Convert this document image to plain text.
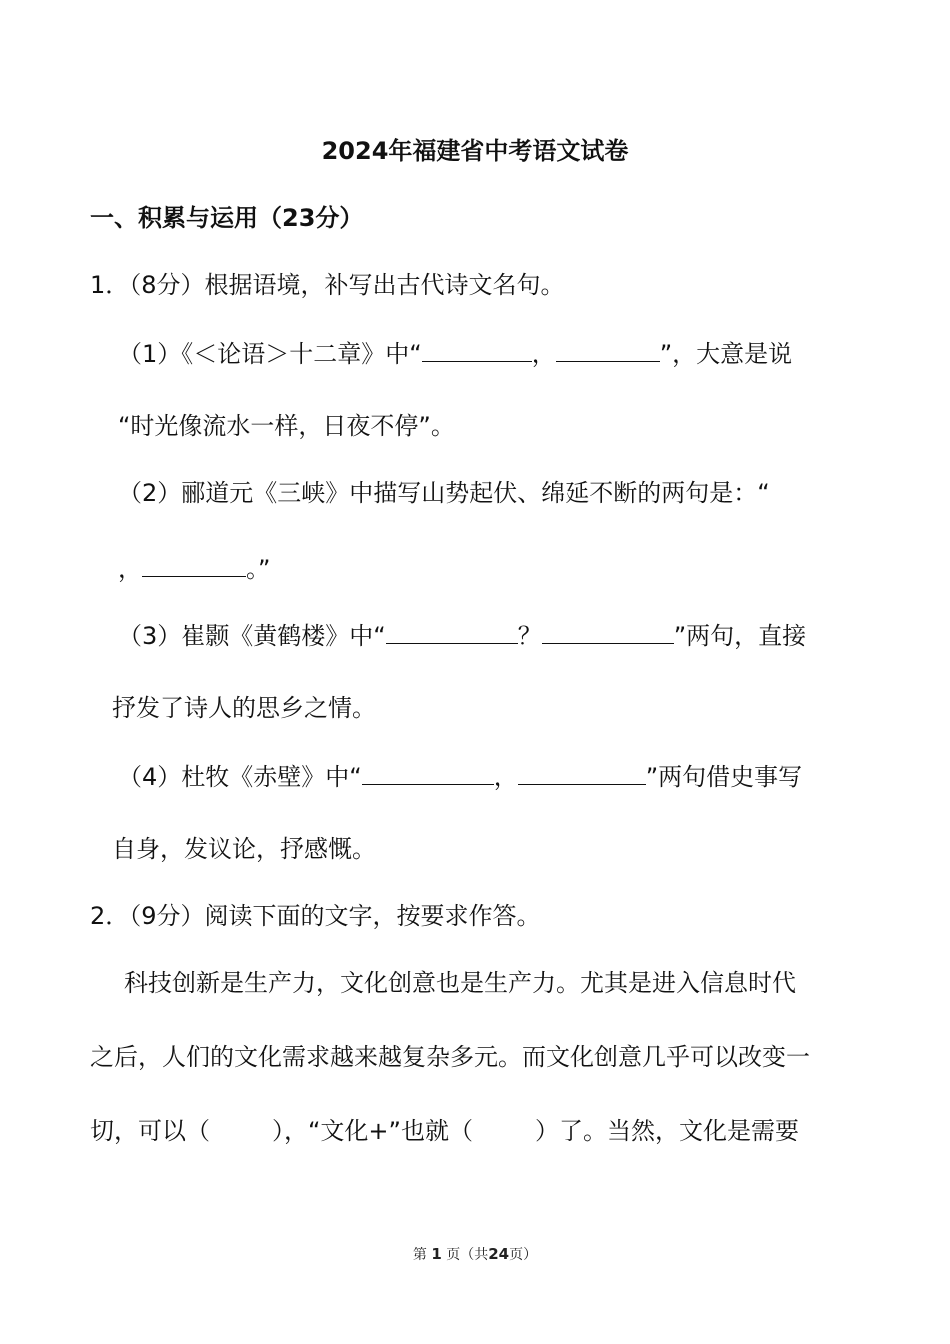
2024年福建省中考语文试卷
一、积累与运用（23分）
1．（8分）根据语境，补写出古代诗文名句。
（1）《＜论语＞十二章》中“	，	”，大意是说
“时光像流水一样，日夜不停”。
（2）郦道元《三峡》中描写山势起伏、绵延不断的两句是：“
，	。”
（3）崔颢《黄鹤楼》中“	？	”两句，直接
抒发了诗人的思乡之情。
（4）杜牧《赤壁》中“	，	”两句借史事写
自身，发议论，抒感慨。
2．（9分）阅读下面的文字，按要求作答。
科技创新是生产力，文化创意也是生产力。尤其是进入信息时代
之后，人们的文化需求越来越复杂多元。而文化创意几乎可以改变一
切，可以（	），“文化+”也就（	）了。当然，文化是需要
第 1 页（共24页）
